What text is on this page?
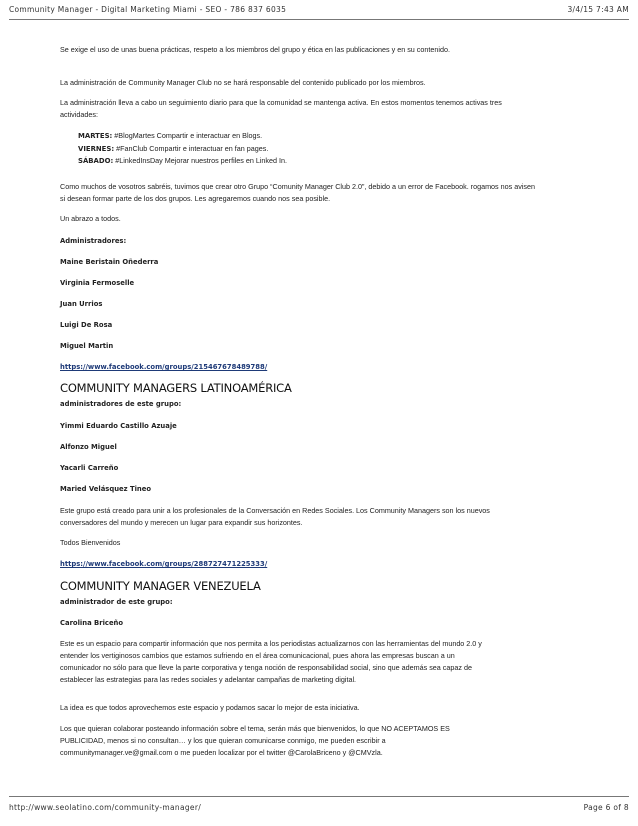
Community Manager - Digital Marketing Miami - SEO - 786 837 6035	3/4/15 7:43 AM

Se exige el uso de unas buena prácticas, respeto a los miembros del grupo y ética en las publicaciones y en su contenido.

La administración de Community Manager Club no se hará responsable del contenido publicado por los miembros.

La administración lleva a cabo un seguimiento diario para que la comunidad se mantenga activa. En estos momentos tenemos activas tres actividades:

MARTES: #BlogMartes Compartir e interactuar en Blogs.

VIERNES: #FanClub Compartir e interactuar en fan pages.

SÁBADO: #LinkedInsDay Mejorar nuestros perfiles en Linked In.

Como muchos de vosotros sabréis, tuvimos que crear otro Grupo “Comunity Manager Club 2.0”, debido a un error de Facebook. rogamos nos avisen si desean formar parte de los dos grupos. Les agregaremos cuando nos sea posible.

Un abrazo a todos.

Administradores:

Maine Beristain Oñederra

Virginia Fermoselle

Juan Urrios

Luigi De Rosa

Miguel Martin

https://www.facebook.com/groups/215467678489788/

COMMUNITY MANAGERS LATINOAMÉRICA

administradores de este grupo:

Yimmi Eduardo Castillo Azuaje

Alfonzo Miguel

Yacarli Carreño

Maried Velásquez Tineo

Este grupo está creado para unir a los profesionales de la Conversación en Redes Sociales. Los Community Managers son los nuevos conversadores del mundo y merecen un lugar para expandir sus horizontes.

Todos Bienvenidos

https://www.facebook.com/groups/288727471225333/

COMMUNITY MANAGER VENEZUELA

administrador de este grupo:

Carolina Briceño

Este es un espacio para compartir información que nos permita a los periodistas actualizarnos con las herramientas del mundo 2.0 y entender los vertiginosos cambios que estamos sufriendo en el área comunicacional, pues ahora las empresas buscan a un comunicador no sólo para que lleve la parte corporativa y tenga noción de responsabilidad social, sino que además sea capaz de establecer las estrategias para las redes sociales y adelantar campañas de marketing digital.

La idea es que todos aprovechemos este espacio y podamos sacar lo mejor de esta iniciativa.

Los que quieran colaborar posteando información sobre el tema, serán más que bienvenidos, lo que NO ACEPTAMOS ES PUBLICIDAD, menos si no consultan… y los que quieran comunicarse conmigo, me pueden escribir a communitymanager.ve@gmail.com o me pueden localizar por el twitter @CarolaBriceno y @CMVzla.

http://www.seolatino.com/community-manager/	Page 6 of 8
